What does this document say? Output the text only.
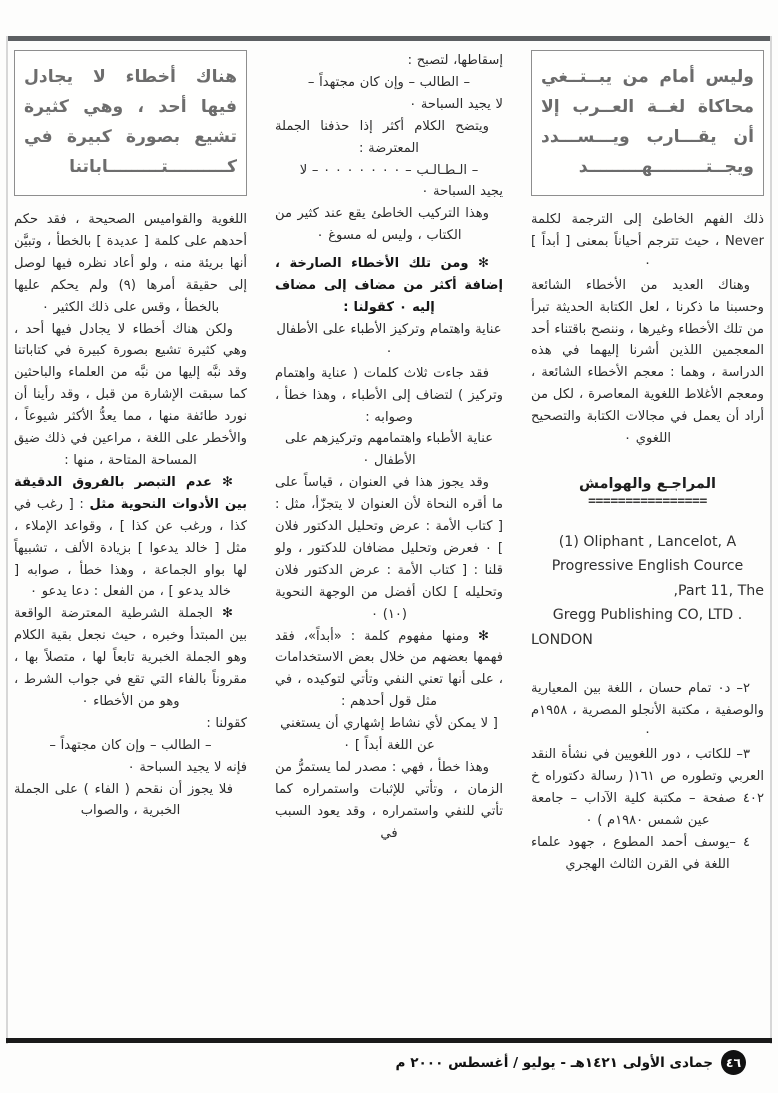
هناك أخطاء لا يجادل
فيها أحد ، وهي كثيرة
تشيع بصورة كبيرة في
كــــــــــتـــــــــاباتنا

اللغوية والقواميس الصحيحة ، فقد حكم أحدهم على كلمة [ عديدة ] بالخطأ ، وتبيَّن أنها بريئة منه ، ولو أعاد نظره فيها لوصل إلى حقيقة أمرها (٩) ولم يحكم عليها بالخطأ ، وقس على ذلك الكثير ٠

ولكن هناك أخطاء لا يجادل فيها أحد ، وهي كثيرة تشيع بصورة كبيرة في كتاباتنا وقد نبَّه إليها من نبَّه من العلماء والباحثين كما سبقت الإشارة من قبل ، وقد رأينا أن نورد طائفة منها ، مما يعدُّ الأكثر شيوعاً ، والأخطر على اللغة ، مراعين في ذلك ضيق المساحة المتاحة ، منها :

✻ عدم التبصر بالفروق الدقيقة بين الأدوات النحوية مثل : [ رغب في كذا ، ورغب عن كذا ] ، وقواعد الإملاء ، مثل [ خالد يدعوا ] بزيادة الألف ، تشبيهاً لها بواو الجماعة ، وهذا خطأ ، صوابه [ خالد يدعو ] ، من الفعل : دعا يدعو ٠

✻ الجملة الشرطية المعترضة الواقعة بين المبتدأ وخبره ، حيث نجعل بقية الكلام وهو الجملة الخبرية تابعاً لها ، متصلاً بها ، مقروناً بالفاء التي تقع في جواب الشرط ، وهو من الأخطاء ٠

كقولنا :

– الطالب – وإن كان مجتهداً –

فإنه لا يجيد السباحة ٠

فلا يجوز أن نقحم ( الفاء ) على الجملة الخبرية ، والصواب

إسقاطها، لتصبح :

– الطالب – وإن كان مجتهداً –

لا يجيد السباحة ٠

ويتضح الكلام أكثر إذا حذفنا الجملة المعترضة :

– الـطـالـب – ٠ ٠ ٠ ٠ ٠ ٠ ٠ – لا

يجيد السباحة ٠

وهذا التركيب الخاطئ يقع عند كثير من الكتاب ، وليس له مسوغ ٠

✻ ومن تلك الأخطاء الصارخة ، إضافة أكثر من مضاف إلى مضاف إليه ٠ كقولنا :

عناية واهتمام وتركيز الأطباء على الأطفال ٠

فقد جاءت ثلاث كلمات ( عناية واهتمام وتركيز ) لتضاف إلى الأطباء ، وهذا خطأ ، وصوابه :

عناية الأطباء واهتمامهم وتركيزهم على الأطفال ٠

وقد يجوز هذا في العنوان ، قياساً على ما أقره النحاة لأن العنوان لا يتجزّأ، مثل : [ كتاب الأمة : عرض وتحليل الدكتور فلان ] ٠ فعرض وتحليل مضافان للدكتور ، ولو قلنا : [ كتاب الأمة : عرض الدكتور فلان وتحليله ] لكان أفضل من الوجهة النحوية (١٠) ٠

✻ ومنها مفهوم كلمة : «أبداً»، فقد فهمها بعضهم من خلال بعض الاستخدامات ، على أنها تعني النفي وتأتي لتوكيده ، في مثل قول أحدهم :

[ لا يمكن لأي نشاط إشهاري أن يستغني عن اللغة أبداً ] ٠

وهذا خطأ ، فهي : مصدر لما يستمرُّ من الزمان ، وتأتي للإثبات واستمراره كما تأتي للنفي واستمراره ، وقد يعود السبب في

وليس أمام من يبــتــغي
محاكاة لغــة العــرب إلا
أن يقـــارب ويـــســـدد
ويجــتـــــــــهـــــــــد

ذلك الفهم الخاطئ إلى الترجمة لكلمة Never ، حيث تترجم أحياناً بمعنى [ أبداً ] ٠

وهناك العديد من الأخطاء الشائعة وحسبنا ما ذكرنا ، لعل الكتابة الحديثة تبرأ من تلك الأخطاء وغيرها ، وننصح باقتناء أحد المعجمين اللذين أشرنا إليهما في هذه الدراسة ، وهما : معجم الأخطاء الشائعة ، ومعجم الأغلاط اللغوية المعاصرة ، لكل من أراد أن يعمل في مجالات الكتابة والتصحيح اللغوي ٠

المراجـع والهوامش
================
(1) Oliphant , Lancelot, A
Progressive English Cource
,Part 11, The
Gregg Publishing CO, LTD .
LONDON

٢– د٠ تمام حسان ، اللغة بين المعيارية والوصفية ، مكتبة الأنجلو المصرية ، ١٩٥٨م ٠

٣– للكاتب ، دور اللغويين في نشأة النقد العربي وتطوره ص ١٦١( رسالة دكتوراه خ ٤٠٢ صفحة – مكتبة كلية الآداب – جامعة عين شمس ١٩٨٠م ) ٠

٤ –يوسف أحمد المطوع ، جهود علماء اللغة في القرن الثالث الهجري

٤٦
جمادى الأولى ١٤٢١هـ - يوليو / أغسطس ٢٠٠٠ م
